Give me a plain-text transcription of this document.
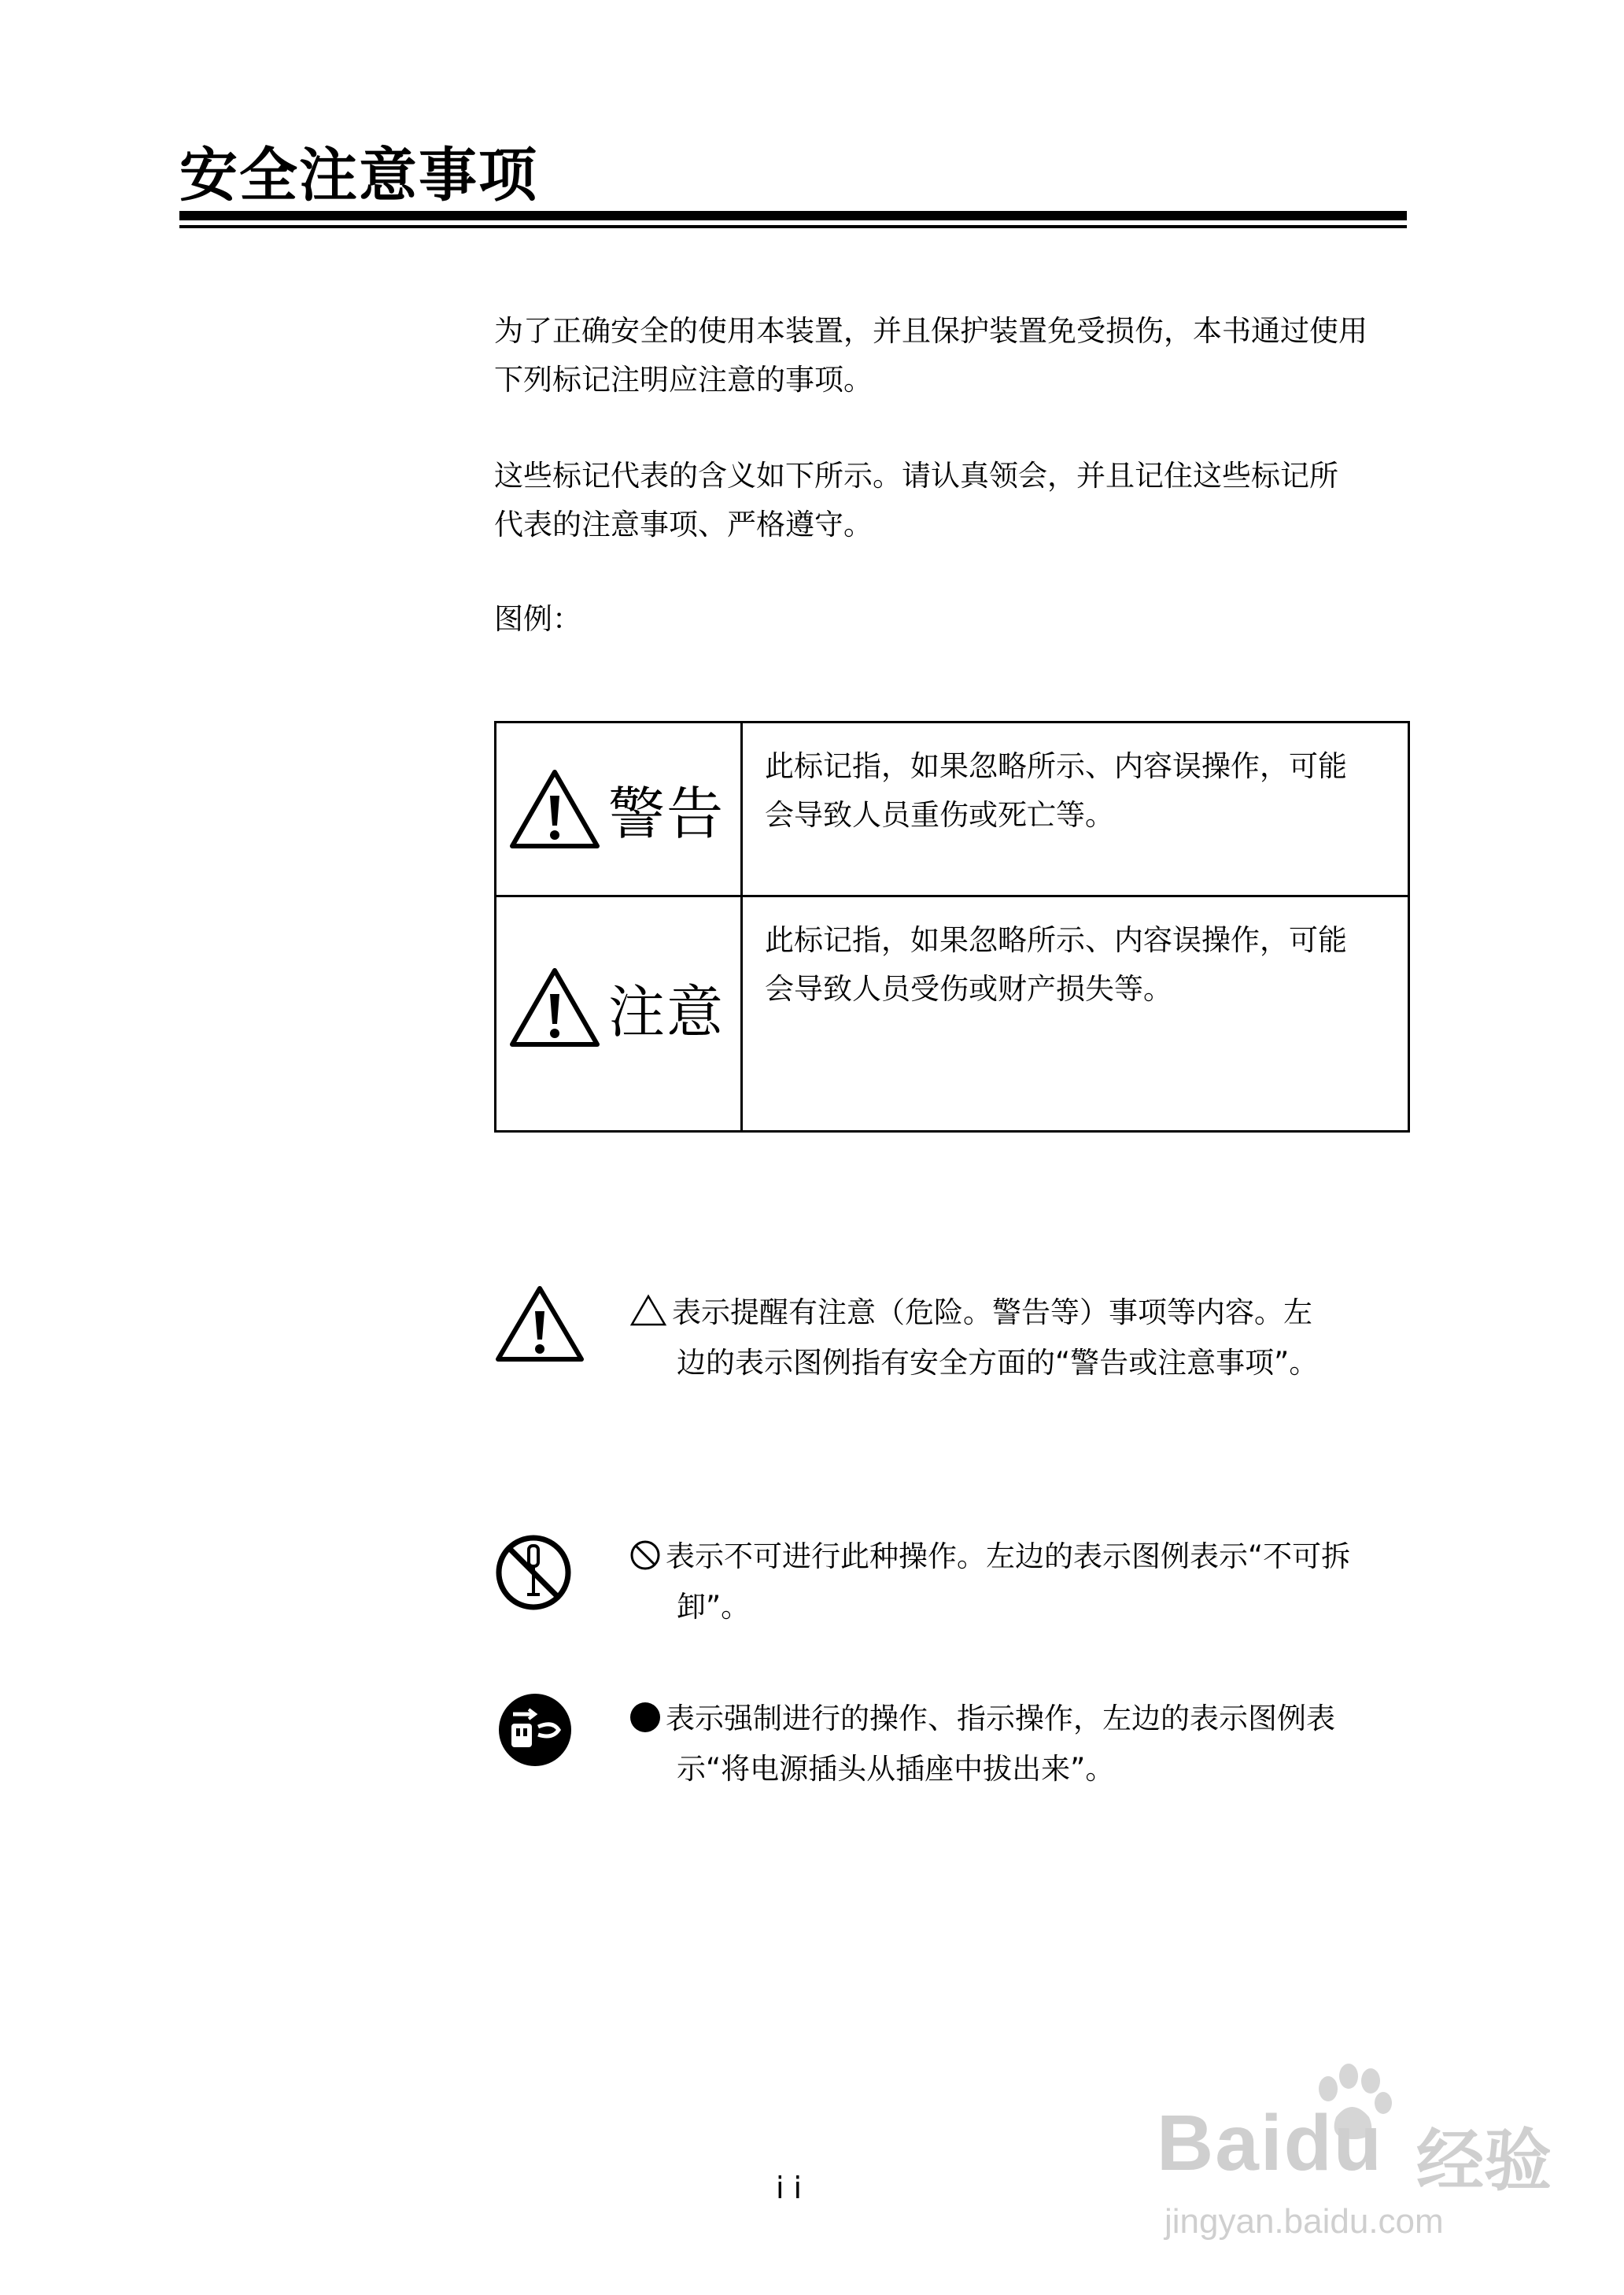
安全注意事项

为了正确安全的使用本装置，并且保护装置免受损伤，本书通过使用
下列标记注明应注意的事项。

这些标记代表的含义如下所示。请认真领会，并且记住这些标记所
代表的注意事项、严格遵守。

图例：

警告	此标记指，如果忽略所示、内容误操作，可能
会导致人员重伤或死亡等。

注意	此标记指，如果忽略所示、内容误操作，可能
会导致人员受伤或财产损失等。
表示提醒有注意（危险。警告等）事项等内容。左
边的表示图例指有安全方面的“警告或注意事项”。
表示不可进行此种操作。左边的表示图例表示“不可拆
卸”。
表示强制进行的操作、指示操作，左边的表示图例表
示“将电源插头从插座中拔出来”。
ii
Baidu 经验
jingyan.baidu.com
